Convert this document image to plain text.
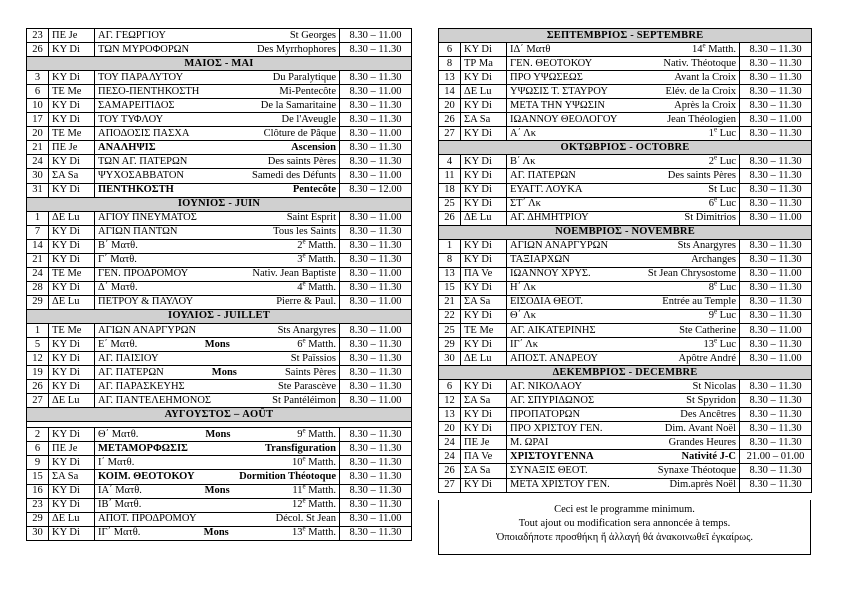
23	ΠΕ Je	ΑΓ. ΓΕΩΡΓΙΟΥ St Georges	8.30 – 11.00
26	ΚΥ Di	ΤΩΝ ΜΥΡΟΦΟΡΩΝ Des Myrrhophores	8.30 – 11.30
ΜΑΙΟΣ - MAI			
3	ΚΥ Di	ΤΟΥ ΠΑΡΑΛΥΤΟΥ Du Paralytique	8.30 – 11.30
6	ΤΕ Me	ΠΕΣΟ-ΠΕΝΤΗΚΟΣΤΗ Mi-Pentecôte	8.30 – 11.00
10	ΚΥ Di	ΣΑΜΑΡΕΙΤΙΔΟΣ De la Samaritaine	8.30 – 11.30
17	ΚΥ Di	ΤΟΥ ΤΥΦΛΟΥ De l'Aveugle	8.30 – 11.30
20	ΤΕ Me	ΑΠΟΔΟΣΙΣ ΠΑΣΧΑ Clôture de Pâque	8.30 – 11.00
21	ΠΕ Je	ΑΝΑΛΗΨΙΣ Ascension	8.30 – 11.30
24	ΚΥ Di	ΤΩΝ ΑΓ. ΠΑΤΕΡΩΝ Des saints Pères	8.30 – 11.30
30	ΣΑ Sa	ΨΥΧΟΣΑΒΒΑΤΟΝ Samedi des Défunts	8.30 – 11.00
31	ΚΥ Di	ΠΕΝΤΗΚΟΣΤΗ Pentecôte	8.30 – 12.00
ΙΟΥΝΙΟΣ - JUIN			
1	ΔΕ Lu	ΑΓΙΟΥ ΠΝΕΥΜΑΤΟΣ Saint Esprit	8.30 – 11.00
7	ΚΥ Di	ΑΓΙΩΝ ΠΑΝΤΩΝ Tous les Saints	8.30 – 11.30
14	ΚΥ Di	Β΄ Ματθ. 2e Matth.	8.30 – 11.30
21	ΚΥ Di	Γ΄ Ματθ. 3e Matth.	8.30 – 11.30
24	ΤΕ Me	ΓΕΝ. ΠΡΟΔΡΟΜΟΥ Nativ. Jean Baptiste	8.30 – 11.00
28	ΚΥ Di	Δ΄ Ματθ. 4e Matth.	8.30 – 11.30
29	ΔΕ Lu	ΠΕΤΡΟΥ & ΠΑΥΛΟΥ Pierre & Paul.	8.30 – 11.00
ΙΟΥΛΙΟΣ - JUILLET			
1	ΤΕ Me	ΑΓΙΩΝ ΑΝΑΡΓΥΡΩΝ Sts Anargyres	8.30 – 11.00
5	ΚΥ Di	Ε΄ Ματθ. Mons 6e Matth.	8.30 – 11.30
12	ΚΥ Di	ΑΓ. ΠΑΙΣΙΟΥ St Païssios	8.30 – 11.30
19	ΚΥ Di	ΑΓ. ΠΑΤΕΡΩΝ Mons Saints Pères	8.30 – 11.30
26	ΚΥ Di	ΑΓ. ΠΑΡΑΣΚΕΥΗΣ Ste Parascève	8.30 – 11.30
27	ΔΕ Lu	ΑΓ. ΠΑΝΤΕΛΕΗΜΟΝΟΣ St Pantéléimon	8.30 – 11.00
ΑΥΓΟΥΣΤΟΣ – AOÛT			

2	ΚΥ Di	Θ΄ Ματθ. Mons 9e Matth.	8.30 – 11.30
6	ΠΕ Je	ΜΕΤΑΜΟΡΦΩΣΙΣ Transfiguration	8.30 – 11.30
9	ΚΥ Di	Ι΄ Ματθ. 10e Matth.	8.30 – 11.30
15	ΣΑ Sa	ΚΟΙΜ. ΘΕΟΤΟΚΟΥ Dormition Théotoque	8.30 – 11.30
16	ΚΥ Di	ΙΑ΄ Ματθ. Mons 11e Matth.	8.30 – 11.30
23	ΚΥ Di	ΙΒ΄ Ματθ. 12e Matth.	8.30 – 11.30
29	ΔΕ Lu	ΑΠΟΤ. ΠΡΟΔΡΟΜΟΥ Décol. St Jean	8.30 – 11.00
30	ΚΥ Di	ΙΓ΄ Ματθ. Mons 13e Matth.	8.30 – 11.30
ΣΕΠΤΕΜΒΡΙΟΣ - SEPTEMBRE			
6	ΚΥ Di	ΙΔ΄ Ματθ 14e Matth.	8.30 – 11.30
8	ΤΡ Ma	ΓΕΝ. ΘΕΟΤΟΚΟΥ Nativ. Théotoque	8.30 – 11.30
13	ΚΥ Di	ΠΡΟ ΥΨΩΣΕΩΣ Avant la Croix	8.30 – 11.30
14	ΔΕ Lu	ΥΨΩΣΙΣ Τ. ΣΤΑΥΡΟΥ Elév. de la Croix	8.30 – 11.30
20	ΚΥ Di	ΜΕΤΑ ΤΗΝ ΥΨΩΣΙΝ Après la Croix	8.30 – 11.30
26	ΣΑ Sa	ΙΩΑΝΝΟΥ ΘΕΟΛΟΓΟΥ Jean Théologien	8.30 – 11.00
27	ΚΥ Di	Α΄ Λκ 1e Luc	8.30 – 11.30
ΟΚΤΩΒΡΙΟΣ - OCTOBRE			
4	ΚΥ Di	Β΄ Λκ 2e Luc	8.30 – 11.30
11	ΚΥ Di	ΑΓ. ΠΑΤΕΡΩΝ Des saints Pères	8.30 – 11.30
18	ΚΥ Di	ΕΥΑΓΓ. ΛΟΥΚΑ St Luc	8.30 – 11.30
25	ΚΥ Di	ΣΤ΄ Λκ 6e Luc	8.30 – 11.30
26	ΔΕ Lu	ΑΓ. ΔΗΜΗΤΡΙΟΥ St Dimitrios	8.30 – 11.00
ΝΟΕΜΒΡΙΟΣ - NOVEMBRE			
1	ΚΥ Di	ΑΓΙΩΝ ΑΝΑΡΓΥΡΩΝ Sts Anargyres	8.30 – 11.30
8	ΚΥ Di	ΤΑΞΙΑΡΧΩΝ Archanges	8.30 – 11.30
13	ΠΑ Ve	ΙΩΑΝΝΟΥ ΧΡΥΣ. St Jean Chrysostome	8.30 – 11.00
15	ΚΥ Di	Η΄ Λκ 8e Luc	8.30 – 11.30
21	ΣΑ Sa	ΕΙΣΟΔΙΑ ΘΕΟΤ. Entrée au Temple	8.30 – 11.30
22	ΚΥ Di	Θ΄ Λκ 9e Luc	8.30 – 11.30
25	ΤΕ Me	ΑΓ. ΑΙΚΑΤΕΡΙΝΗΣ Ste Catherine	8.30 – 11.00
29	ΚΥ Di	ΙΓ΄ Λκ 13e Luc	8.30 – 11.30
30	ΔΕ Lu	ΑΠΟΣΤ. ΑΝΔΡΕΟΥ Apôtre André	8.30 – 11.00
ΔΕΚΕΜΒΡΙΟΣ - DECEMBRE			
6	ΚΥ Di	ΑΓ. ΝΙΚΟΛΑΟΥ St Nicolas	8.30 – 11.30
12	ΣΑ Sa	ΑΓ. ΣΠΥΡΙΔΩΝΟΣ St Spyridon	8.30 – 11.30
13	ΚΥ Di	ΠΡΟΠΑΤΟΡΩΝ Des Ancêtres	8.30 – 11.30
20	ΚΥ Di	ΠΡΟ ΧΡΙΣΤΟΥ ΓΕΝ. Dim. Avant Noël	8.30 – 11.30
24	ΠΕ Je	Μ. ΩΡΑΙ Grandes Heures	8.30 – 11.30
24	ΠΑ Ve	ΧΡΙΣΤΟΥΓΕΝΝΑ Nativité J-C	21.00 – 01.00
26	ΣΑ Sa	ΣΥΝΑΞΙΣ ΘΕΟΤ. Synaxe Théotoque	8.30 – 11.30
27	ΚΥ Di	ΜΕΤΑ ΧΡΙΣΤΟΥ ΓΕΝ. Dim.après Noël	8.30 – 11.30
Ceci est le programme minimum.
Tout ajout ou modification sera annoncée à temps.
Ὁποιαδήποτε προσθήκη ἤ ἀλλαγή θά ἀνακοινωθεῖ ἐγκαίρως.
